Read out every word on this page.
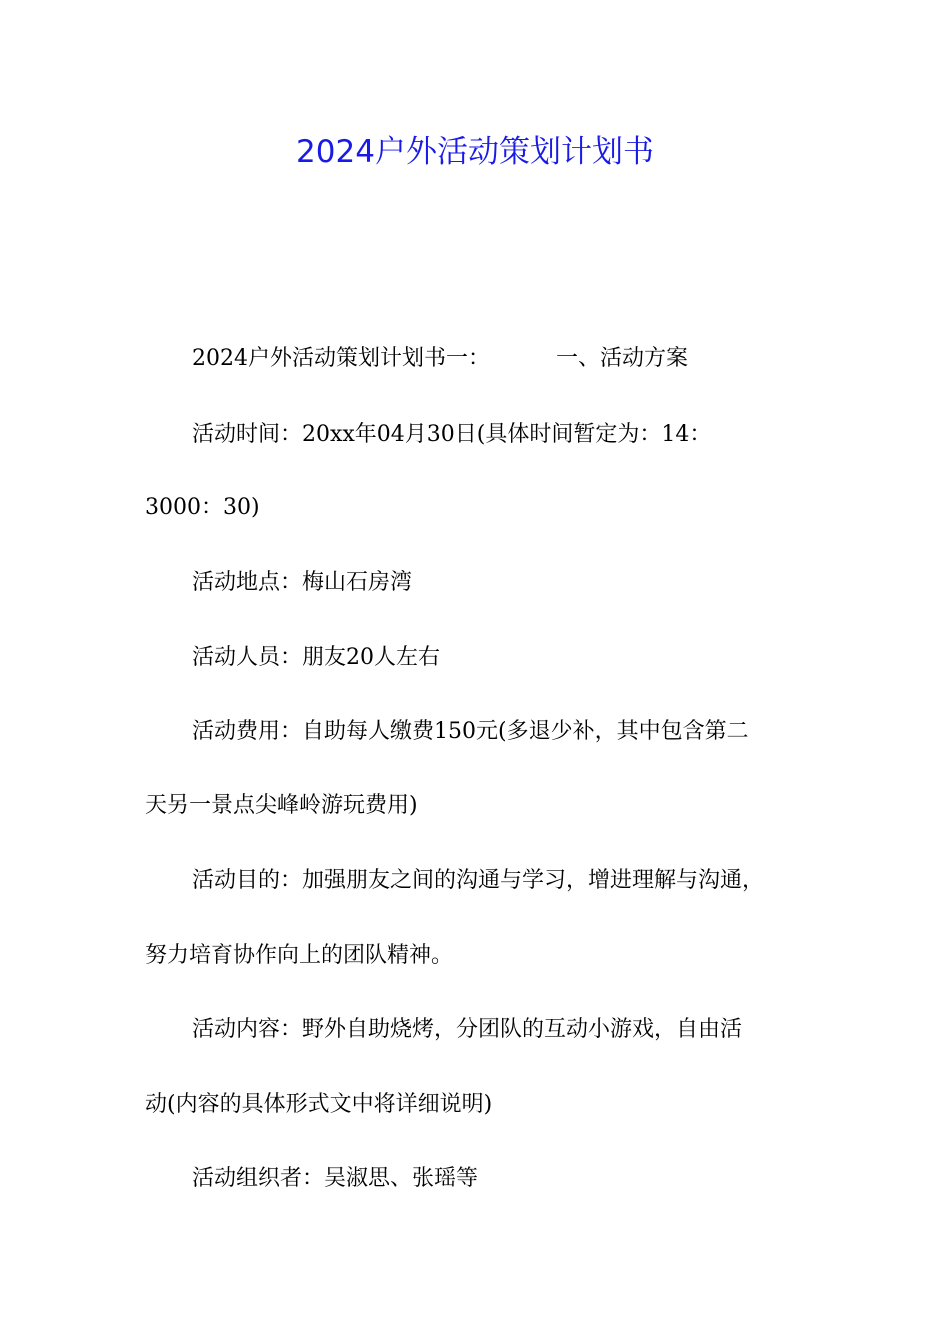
2024户外活动策划计划书

2024户外活动策划计划书一：	一、活动方案

活动时间：20xx年04月30日(具体时间暂定为：14：

3000：30)

活动地点：梅山石房湾

活动人员：朋友20人左右

活动费用：自助每人缴费150元(多退少补，其中包含第二

天另一景点尖峰岭游玩费用)

活动目的：加强朋友之间的沟通与学习，增进理解与沟通，

努力培育协作向上的团队精神。

活动内容：野外自助烧烤，分团队的互动小游戏，自由活

动(内容的具体形式文中将详细说明)

活动组织者：吴淑思、张瑶等
